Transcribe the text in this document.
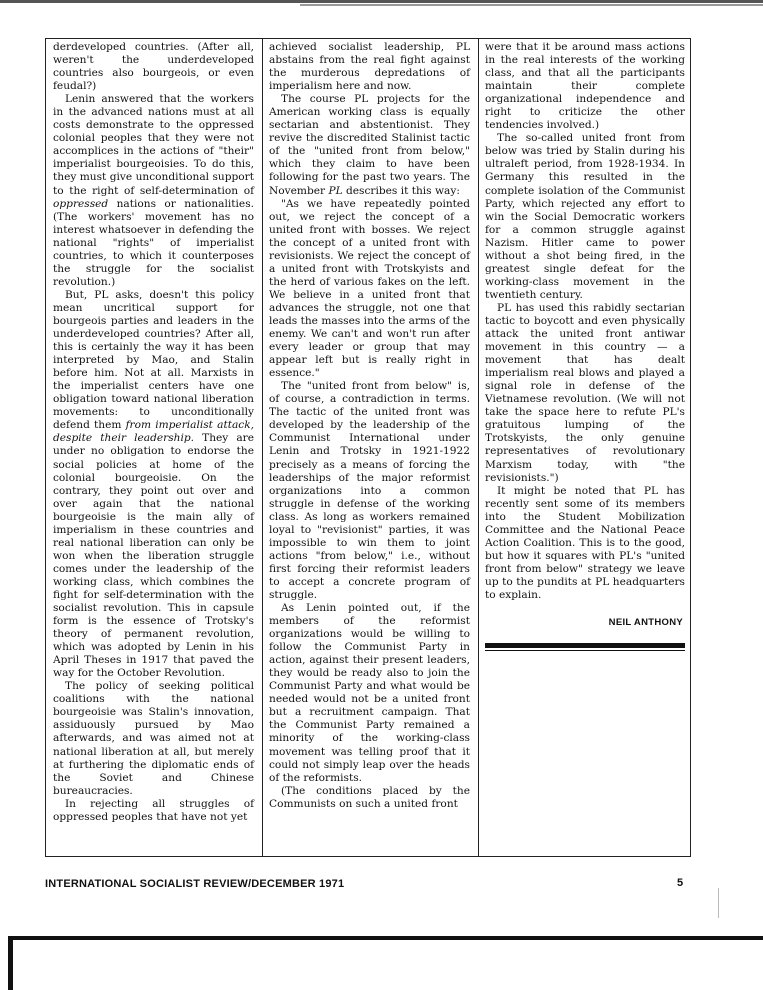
derdeveloped countries. (After all, weren't the underdeveloped countries also bourgeois, or even feudal?)

Lenin answered that the workers in the advanced nations must at all costs demonstrate to the oppressed colonial peoples that they were not accomplices in the actions of "their" imperialist bourgeoisies. To do this, they must give unconditional support to the right of self-determination of oppressed nations or nationalities. (The workers' movement has no interest whatsoever in defending the national "rights" of imperialist countries, to which it counterposes the struggle for the socialist revolution.)

But, PL asks, doesn't this policy mean uncritical support for bourgeois parties and leaders in the underdeveloped countries? After all, this is certainly the way it has been interpreted by Mao, and Stalin before him. Not at all. Marxists in the imperialist centers have one obligation toward national liberation movements: to unconditionally defend them from imperialist attack, despite their leadership. They are under no obligation to endorse the social policies at home of the colonial bourgeoisie. On the contrary, they point out over and over again that the national bourgeoisie is the main ally of imperialism in these countries and real national liberation can only be won when the liberation struggle comes under the leadership of the working class, which combines the fight for self-determination with the socialist revolution. This in capsule form is the essence of Trotsky's theory of permanent revolution, which was adopted by Lenin in his April Theses in 1917 that paved the way for the October Revolution.

The policy of seeking political coalitions with the national bourgeoisie was Stalin's innovation, assiduously pursued by Mao afterwards, and was aimed not at national liberation at all, but merely at furthering the diplomatic ends of the Soviet and Chinese bureaucracies.

In rejecting all struggles of oppressed peoples that have not yet

achieved socialist leadership, PL abstains from the real fight against the murderous depredations of imperialism here and now.

The course PL projects for the American working class is equally sectarian and abstentionist. They revive the discredited Stalinist tactic of the "united front from below," which they claim to have been following for the past two years. The November PL describes it this way:

"As we have repeatedly pointed out, we reject the concept of a united front with bosses. We reject the concept of a united front with revisionists. We reject the concept of a united front with Trotskyists and the herd of various fakes on the left. We believe in a united front that advances the struggle, not one that leads the masses into the arms of the enemy. We can't and won't run after every leader or group that may appear left but is really right in essence."

The "united front from below" is, of course, a contradiction in terms. The tactic of the united front was developed by the leadership of the Communist International under Lenin and Trotsky in 1921-1922 precisely as a means of forcing the leaderships of the major reformist organizations into a common struggle in defense of the working class. As long as workers remained loyal to "revisionist" parties, it was impossible to win them to joint actions "from below," i.e., without first forcing their reformist leaders to accept a concrete program of struggle.

As Lenin pointed out, if the members of the reformist organizations would be willing to follow the Communist Party in action, against their present leaders, they would be ready also to join the Communist Party and what would be needed would not be a united front but a recruitment campaign. That the Communist Party remained a minority of the working-class movement was telling proof that it could not simply leap over the heads of the reformists.

(The conditions placed by the Communists on such a united front

were that it be around mass actions in the real interests of the working class, and that all the participants maintain their complete organizational independence and right to criticize the other tendencies involved.)

The so-called united front from below was tried by Stalin during his ultraleft period, from 1928-1934. In Germany this resulted in the complete isolation of the Communist Party, which rejected any effort to win the Social Democratic workers for a common struggle against Nazism. Hitler came to power without a shot being fired, in the greatest single defeat for the working-class movement in the twentieth century.

PL has used this rabidly sectarian tactic to boycott and even physically attack the united front antiwar movement in this country — a movement that has dealt imperialism real blows and played a signal role in defense of the Vietnamese revolution. (We will not take the space here to refute PL's gratuitous lumping of the Trotskyists, the only genuine representatives of revolutionary Marxism today, with "the revisionists.")

It might be noted that PL has recently sent some of its members into the Student Mobilization Committee and the National Peace Action Coalition. This is to the good, but how it squares with PL's "united front from below" strategy we leave up to the pundits at PL headquarters to explain.

NEIL ANTHONY
INTERNATIONAL SOCIALIST REVIEW/DECEMBER 1971	5
